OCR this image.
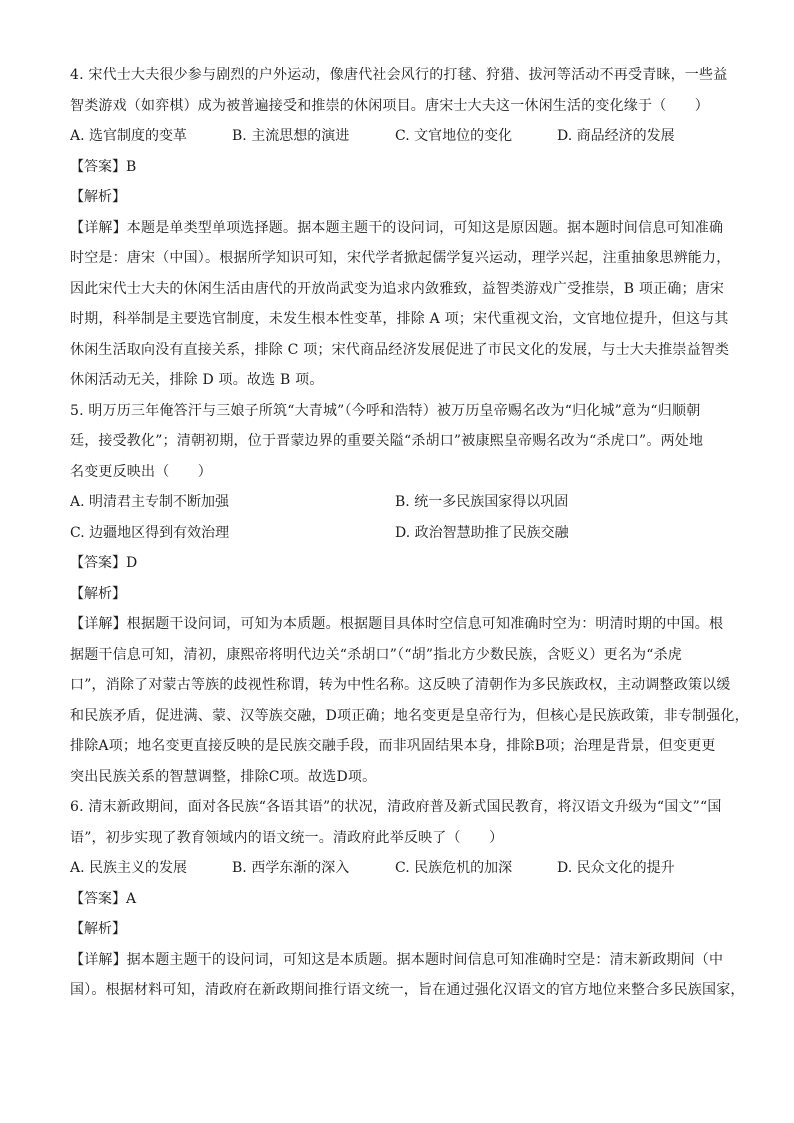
4. 宋代士大夫很少参与剧烈的户外运动，像唐代社会风行的打毬、狩猎、拔河等活动不再受青睐，一些益
智类游戏（如弈棋）成为被普遍接受和推崇的休闲项目。唐宋士大夫这一休闲生活的变化缘于（　　）
A. 选官制度的变革	B. 主流思想的演进	C. 文官地位的变化	D. 商品经济的发展
【答案】B
【解析】
【详解】本题是单类型单项选择题。据本题主题干的设问词，可知这是原因题。据本题时间信息可知准确
时空是：唐宋（中国）。根据所学知识可知，宋代学者掀起儒学复兴运动，理学兴起，注重抽象思辨能力，
因此宋代士大夫的休闲生活由唐代的开放尚武变为追求内敛雅致，益智类游戏广受推崇，B 项正确；唐宋
时期，科举制是主要选官制度，未发生根本性变革，排除 A 项；宋代重视文治，文官地位提升，但这与其
休闲生活取向没有直接关系，排除 C 项；宋代商品经济发展促进了市民文化的发展，与士大夫推崇益智类
休闲活动无关，排除 D 项。故选 B 项。
5. 明万历三年俺答汗与三娘子所筑“大青城”（今呼和浩特）被万历皇帝赐名改为“归化城”意为“归顺朝
廷，接受教化”；清朝初期，位于晋蒙边界的重要关隘“杀胡口”被康熙皇帝赐名改为“杀虎口”。两处地
名变更反映出（　　）
A. 明清君主专制不断加强	B. 统一多民族国家得以巩固
C. 边疆地区得到有效治理	D. 政治智慧助推了民族交融
【答案】D
【解析】
【详解】根据题干设问词，可知为本质题。根据题目具体时空信息可知准确时空为：明清时期的中国。根
据题干信息可知，清初，康熙帝将明代边关“杀胡口”（“胡”指北方少数民族，含贬义）更名为“杀虎
口”，消除了对蒙古等族的歧视性称谓，转为中性名称。这反映了清朝作为多民族政权，主动调整政策以缓
和民族矛盾，促进满、蒙、汉等族交融，D项正确；地名变更是皇帝行为，但核心是民族政策，非专制强化，
排除A项；地名变更直接反映的是民族交融手段，而非巩固结果本身，排除B项；治理是背景，但变更更
突出民族关系的智慧调整，排除C项。故选D项。
6. 清末新政期间，面对各民族“各语其语”的状况，清政府普及新式国民教育，将汉语文升级为“国文”“国
语”，初步实现了教育领域内的语文统一。清政府此举反映了（　　）
A. 民族主义的发展	B. 西学东渐的深入	C. 民族危机的加深	D. 民众文化的提升
【答案】A
【解析】
【详解】据本题主题干的设问词，可知这是本质题。据本题时间信息可知准确时空是：清末新政期间（中
国）。根据材料可知，清政府在新政期间推行语文统一，旨在通过强化汉语文的官方地位来整合多民族国家，
